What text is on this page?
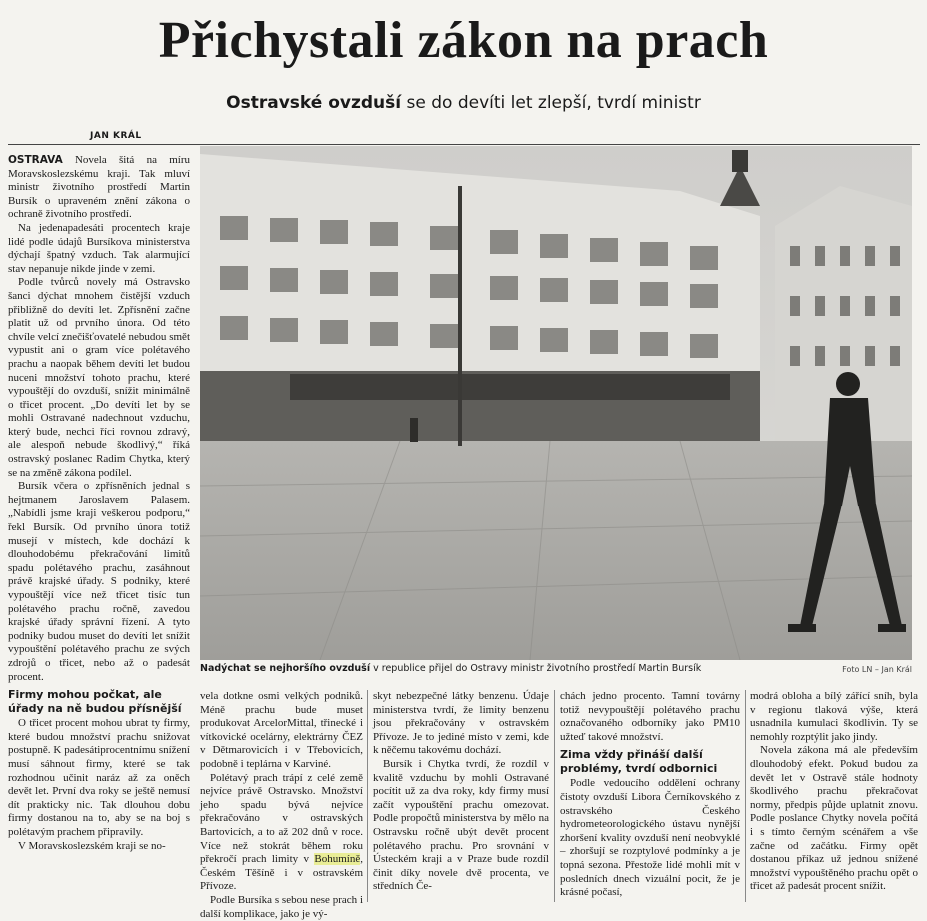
Přichystali zákon na prach
Ostravské ovzduší se do devíti let zlepší, tvrdí ministr
JAN KRÁL

OSTRAVA Novela šitá na míru Moravskoslezskému kraji. Tak mluví ministr životního prostředí Martin Bursík o upraveném znění zákona o ochraně životního prostředí.

Na jedenapadesáti procentech kraje lidé podle údajů Bursíkova ministerstva dýchají špatný vzduch. Tak alarmující stav nepanuje nikde jinde v zemi.

Podle tvůrců novely má Ostravsko šanci dýchat mnohem čistější vzduch přibližně do devíti let. Zpřísnění začne platit už od prvního února. Od této chvíle velcí znečišťovatelé nebudou smět vypustit ani o gram více polétavého prachu a naopak během devíti let budou nuceni množství tohoto prachu, které vypouštějí do ovzduší, snížit minimálně o třicet procent. „Do devíti let by se mohli Ostravané nadechnout vzduchu, který bude, nechci říci rovnou zdravý, ale alespoň nebude škodlivý,“ říká ostravský poslanec Radim Chytka, který se na změně zákona podílel.

Bursík včera o zpřísněních jednal s hejtmanem Jaroslavem Palasem. „Nabídli jsme kraji veškerou podporu,“ řekl Bursík. Od prvního února totiž musejí v místech, kde dochází k dlouhodobému překračování limitů spadu polétavého prachu, zasáhnout právě krajské úřady. S podniky, které vypouštějí více než třicet tisíc tun polétavého prachu ročně, zavedou krajské úřady správní řízení. A tyto podniky budou muset do devíti let snížit vypouštění polétavého prachu ze svých zdrojů o třicet, nebo až o padesát procent.

Firmy mohou počkat, ale úřady na ně budou přísnější

O třicet procent mohou ubrat ty firmy, které budou množství prachu snižovat postupně. K padesátiprocentnímu snížení musí sáhnout firmy, které se tak rozhodnou učinit naráz až za oněch devět let. První dva roky se ještě nemusí dít prakticky nic. Tak dlouhou dobu firmy dostanou na to, aby se na boj s polétavým prachem připravily.

V Moravskoslezském kraji se no-

Nadýchat se nejhoršího ovzduší v republice přijel do Ostravy ministr životního prostředí Martin Bursík	Foto LN – Jan Král

vela dotkne osmi velkých podniků. Méně prachu bude muset produkovat ArcelorMittal, třinecké i vítkovické ocelárny, elektrárny ČEZ v Dětmarovicích i v Třebovicích, podobně i teplárna v Karviné.

Polétavý prach trápí z celé země nejvíce právě Ostravsko. Množství jeho spadu bývá nejvíce překračováno v ostravských Bartovicích, a to až 202 dnů v roce. Více než stokrát během roku překročí prach limity v Bohumíně, Českém Těšíně i v ostravském Přívoze.

Podle Bursíka s sebou nese prach i další komplikace, jako je vý-

skyt nebezpečné látky benzenu. Údaje ministerstva tvrdí, že limity benzenu jsou překračovány v ostravském Přívoze. Je to jediné místo v zemi, kde k něčemu takovému dochází.

Bursík i Chytka tvrdí, že rozdíl v kvalitě vzduchu by mohli Ostravané pocítit už za dva roky, kdy firmy musí začít vypouštění prachu omezovat. Podle propočtů ministerstva by mělo na Ostravsku ročně ubýt devět procent polétavého prachu. Pro srovnání v Ústeckém kraji a v Praze bude rozdíl činit díky novele dvě procenta, ve středních Če-

chách jedno procento. Tamní továrny totiž nevypouštějí polétavého prachu označovaného odborníky jako PM10 užteď takové množství.

Zima vždy přináší další problémy, tvrdí odbornici

Podle vedoucího oddělení ochrany čistoty ovzduší Libora Černíkovského z ostravského Českého hydrometeorologického ústavu nynější zhoršení kvality ovzduší není neobvyklé – zhoršují se rozptylové podmínky a je topná sezona. Přestože lidé mohli mít v posledních dnech vizuální pocit, že je krásné počasí,

modrá obloha a bílý zářící sníh, byla v regionu tlaková výše, která usnadnila kumulaci škodlivin. Ty se nemohly rozptýlit jako jindy.

Novela zákona má ale především dlouhodobý efekt. Pokud budou za devět let v Ostravě stále hodnoty škodlivého prachu překračovat normy, předpis půjde uplatnit znovu. Podle poslance Chytky novela počítá i s tímto černým scénářem a vše začne od začátku. Firmy opět dostanou příkaz už jednou snížené množství vypouštěného prachu opět o třicet až padesát procent snížit.
